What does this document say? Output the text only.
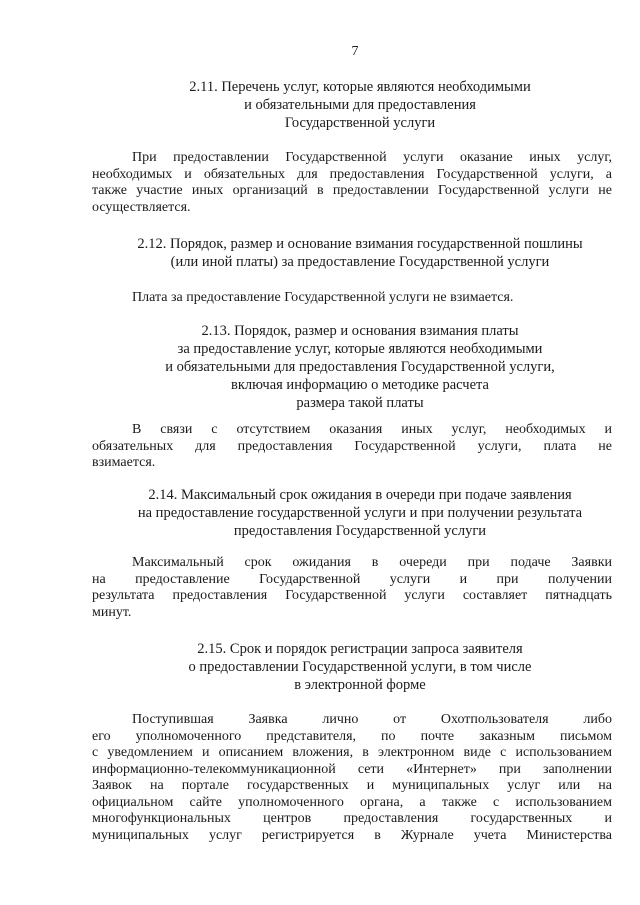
7
2.11. Перечень услуг, которые являются необходимыми
и обязательными для предоставления
Государственной услуги
При предоставлении Государственной услуги оказание иных услуг,
необходимых и обязательных для предоставления Государственной услуги, а
также участие иных организаций в предоставлении Государственной услуги не
осуществляется.
2.12. Порядок, размер и основание взимания государственной пошлины
(или иной платы) за предоставление Государственной услуги
Плата за предоставление Государственной услуги не взимается.
2.13. Порядок, размер и основания взимания платы
за предоставление услуг, которые являются необходимыми
и обязательными для предоставления Государственной услуги,
включая информацию о методике расчета
размера такой платы
В связи с отсутствием оказания иных услуг, необходимых и
обязательных для предоставления Государственной услуги, плата не
взимается.
2.14. Максимальный срок ожидания в очереди при подаче заявления
на предоставление государственной услуги и при получении результата
предоставления Государственной услуги
Максимальный срок ожидания в очереди при подаче Заявки
на предоставление Государственной услуги и при получении
результата предоставления Государственной услуги составляет пятнадцать
минут.
2.15. Срок и порядок регистрации запроса заявителя
о предоставлении Государственной услуги, в том числе
в электронной форме
Поступившая Заявка лично от Охотпользователя либо
его уполномоченного представителя, по почте заказным письмом
с уведомлением и описанием вложения, в электронном виде с использованием
информационно-телекоммуникационной сети «Интернет» при заполнении
Заявок на портале государственных и муниципальных услуг или на
официальном сайте уполномоченного органа, а также с использованием
многофункциональных центров предоставления государственных и
муниципальных услуг регистрируется в Журнале учета Министерства
